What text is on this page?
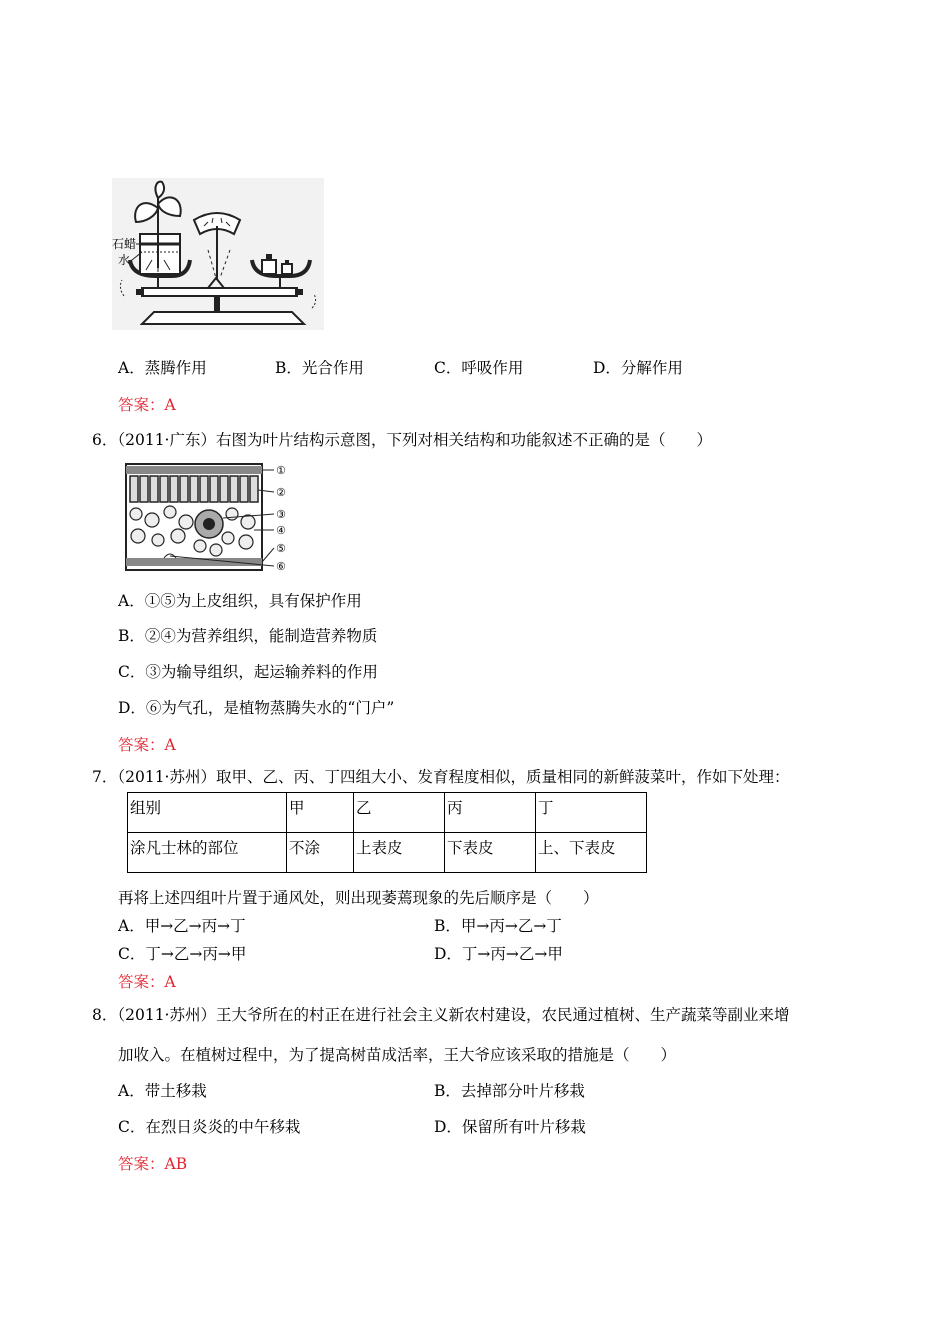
石蜡
水
A．蒸腾作用	B．光合作用	C．呼吸作用	D．分解作用
答案：A
6．（2011·广东）右图为叶片结构示意图，下列对相关结构和功能叙述不正确的是（　　）
①
②
③
④
⑤
⑥
A．①⑤为上皮组织，具有保护作用
B．②④为营养组织，能制造营养物质
C．③为输导组织，起运输养料的作用
D．⑥为气孔，是植物蒸腾失水的“门户”
答案：A
7．（2011·苏州）取甲、乙、丙、丁四组大小、发育程度相似，质量相同的新鲜菠菜叶，作如下处理：
组别	甲	乙	丙	丁
涂凡士林的部位	不涂	上表皮	下表皮	上、下表皮
再将上述四组叶片置于通风处，则出现萎蔫现象的先后顺序是（　　）
A．甲→乙→丙→丁	B．甲→丙→乙→丁
C．丁→乙→丙→甲	D．丁→丙→乙→甲
答案：A
8．（2011·苏州）王大爷所在的村正在进行社会主义新农村建设，农民通过植树、生产蔬菜等副业来增
加收入。在植树过程中，为了提高树苗成活率，王大爷应该采取的措施是（　　）
A．带土移栽	B．去掉部分叶片移栽
C．在烈日炎炎的中午移栽	D．保留所有叶片移栽
答案：AB
